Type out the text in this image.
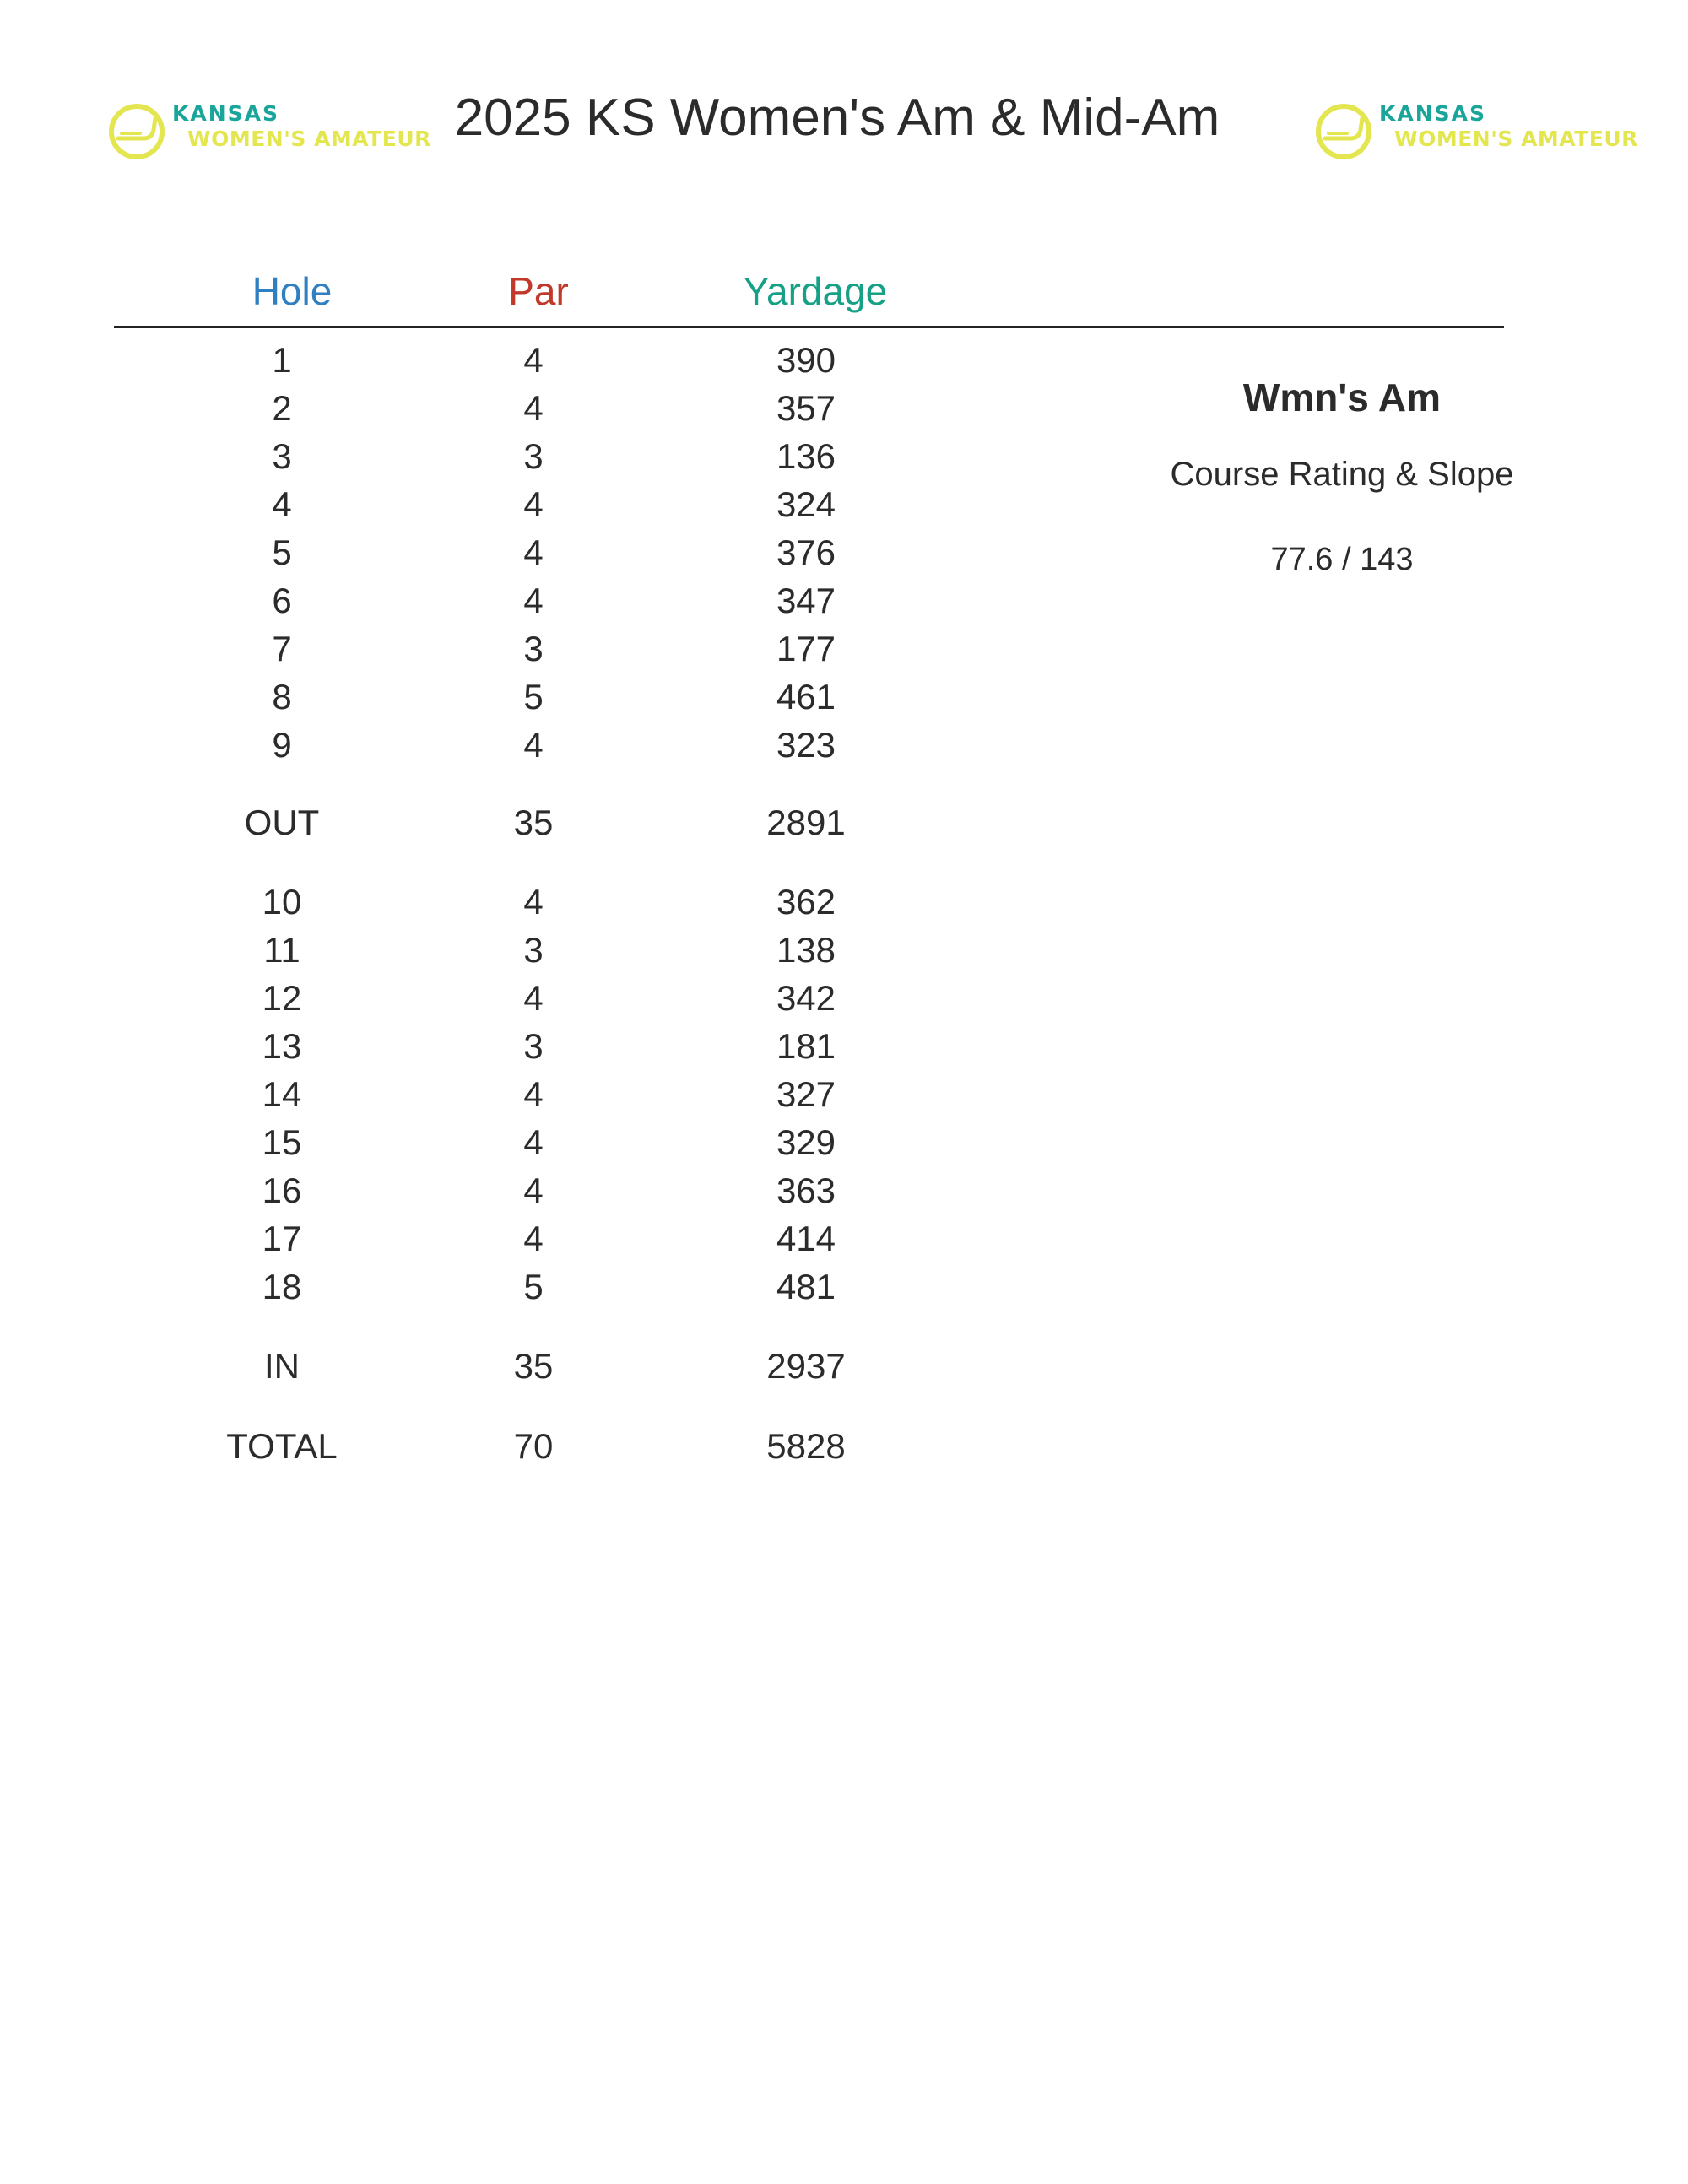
KANSAS
WOMEN'S AMATEUR 2025 KS Women's Am & Mid-Am	KANSAS
WOMEN'S AMATEUR
Hole	Par	Yardage
1	4	390
2	4	357
3	3	136
4	4	324
5	4	376
6	4	347
7	3	177
8	5	461
9	4	323
OUT	35	2891
10	4	362
11	3	138
12	4	342
13	3	181
14	4	327
15	4	329
16	4	363
17	4	414
18	5	481
IN	35	2937
TOTAL	70	5828
Wmn's Am
Course Rating & Slope
77.6 / 143
